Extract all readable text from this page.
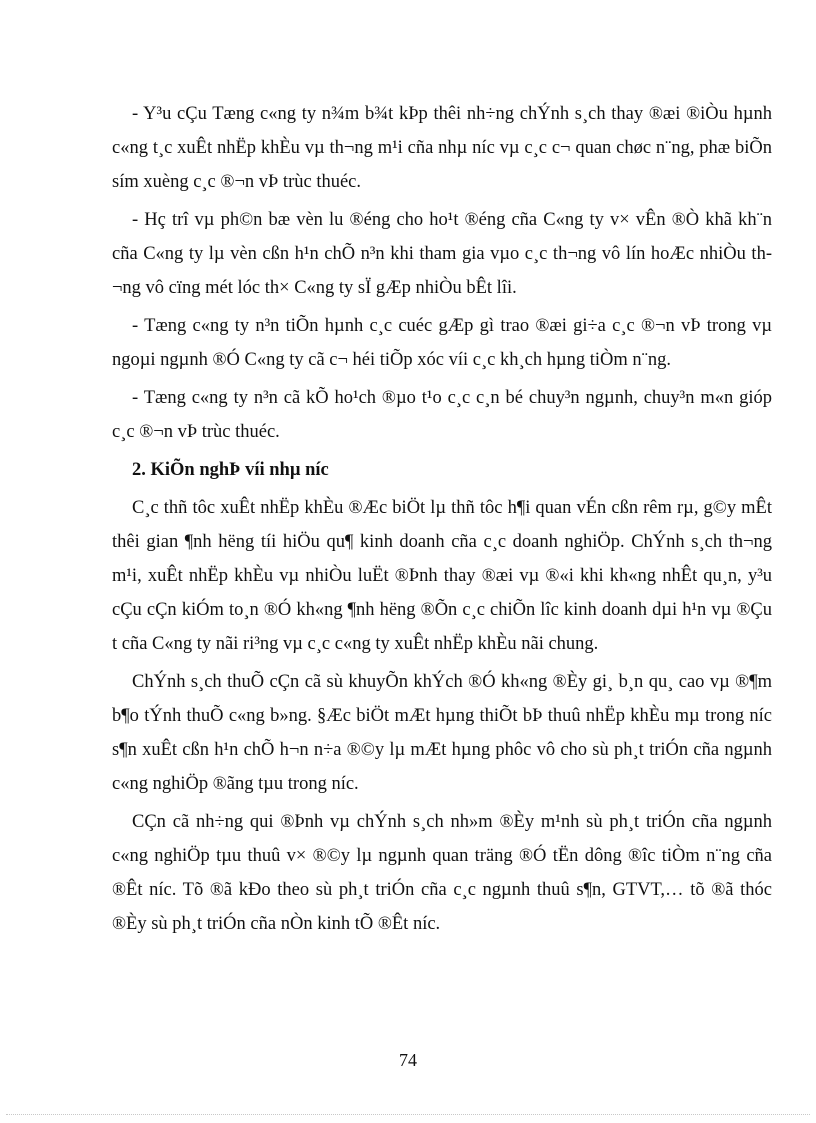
- Y³u cÇu Tæng c«ng ty n¾m b¾t kÞp thêi nh÷ng chÝnh s¸ch thay ®æi ®iÒu hµnh c«ng t¸c xuÊt nhËp khÈu vµ th¬ng m¹i cña nhµ níc vµ c¸c c¬ quan chøc n¨ng, phæ biÕn sím xuèng c¸c ®¬n vÞ trùc thuéc.

- Hç trî vµ ph©n bæ vèn lu ®éng cho ho¹t ®éng cña C«ng ty v× vÊn ®Ò khã kh¨n cña C«ng ty lµ vèn cßn h¹n chÕ n³n khi tham gia vµo c¸c th¬ng vô lín hoÆc nhiÒu th¬ng vô cïng mét lóc th× C«ng ty sÏ gÆp nhiÒu bÊt lîi.

- Tæng c«ng ty n³n tiÕn hµnh c¸c cuéc gÆp gì trao ®æi gi÷a c¸c ®¬n vÞ trong vµ ngoµi ngµnh ®Ó C«ng ty cã c¬ héi tiÕp xóc víi c¸c kh¸ch hµng tiÒm n¨ng.

- Tæng c«ng ty n³n cã kÕ ho¹ch ®µo t¹o c¸c c¸n bé chuy³n ngµnh, chuy³n m«n gióp c¸c ®¬n vÞ trùc thuéc.

2. KiÕn nghÞ víi nhµ níc

C¸c thñ tôc xuÊt nhËp khÈu ®Æc biÖt lµ thñ tôc h¶i quan vÉn cßn rêm rµ, g©y mÊt thêi gian ¶nh hëng tíi hiÖu qu¶ kinh doanh cña c¸c doanh nghiÖp. ChÝnh s¸ch th¬ng m¹i, xuÊt nhËp khÈu vµ nhiÒu luËt ®Þnh thay ®æi vµ ®«i khi kh«ng nhÊt qu¸n, y³u cÇu cÇn kiÓm to¸n ®Ó kh«ng ¶nh hëng ®Õn c¸c chiÕn lîc kinh doanh dµi h¹n vµ ®Çu t cña C«ng ty nãi ri³ng vµ c¸c c«ng ty xuÊt nhËp khÈu nãi chung.

ChÝnh s¸ch thuÕ cÇn cã sù khuyÕn khÝch ®Ó kh«ng ®Èy gi¸ b¸n qu¸ cao vµ ®¶m b¶o tÝnh thuÕ c«ng b»ng. §Æc biÖt mÆt hµng thiÕt bÞ thuû nhËp khÈu mµ trong níc s¶n xuÊt cßn h¹n chÕ h¬n n÷a ®©y lµ mÆt hµng phôc vô cho sù ph¸t triÓn cña ngµnh c«ng nghiÖp ®ãng tµu trong níc.

CÇn cã nh÷ng qui ®Þnh vµ chÝnh s¸ch nh»m ®Èy m¹nh sù ph¸t triÓn cña ngµnh c«ng nghiÖp tµu thuû v× ®©y lµ ngµnh quan träng ®Ó tËn dông ®îc tiÒm n¨ng cña ®Êt níc. Tõ ®ã kÐo theo sù ph¸t triÓn cña c¸c ngµnh thuû s¶n, GTVT,… tõ ®ã thóc ®Èy sù ph¸t triÓn cña nÒn kinh tÕ ®Êt níc.

74
